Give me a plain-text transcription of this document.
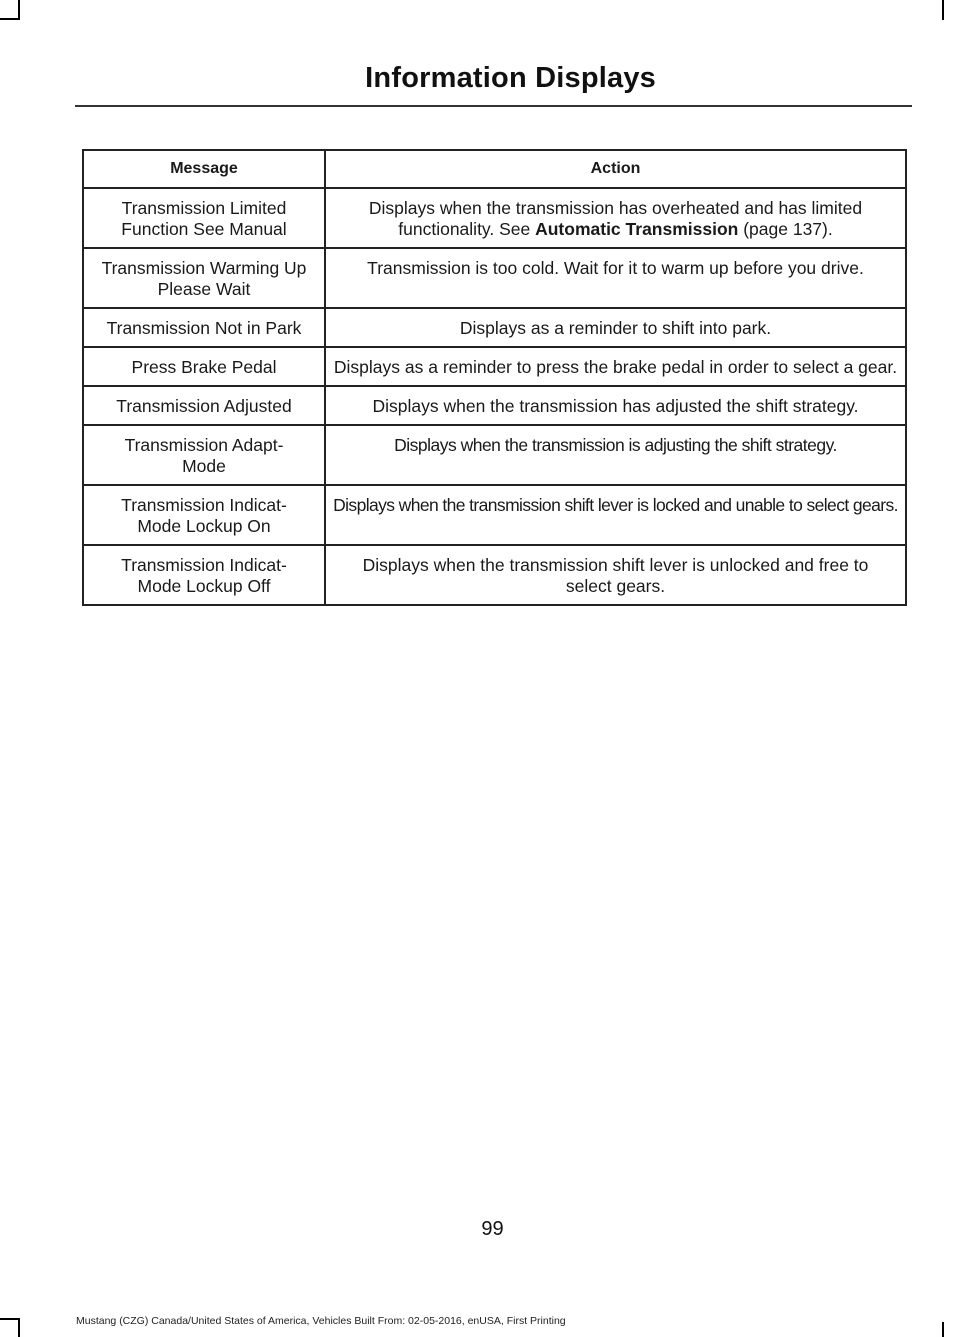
Information Displays
Message	Action
Transmission Limited Function See Manual	Displays when the transmission has overheated and has limited functionality. See Automatic Transmission (page 137).
Transmission Warming Up Please Wait	Transmission is too cold. Wait for it to warm up before you drive.
Transmission Not in Park	Displays as a reminder to shift into park.
Press Brake Pedal	Displays as a reminder to press the brake pedal in order to select a gear.
Transmission Adjusted	Displays when the transmission has adjusted the shift strategy.
Transmission Adapt-Mode	Displays when the transmission is adjusting the shift strategy.
Transmission Indicat-Mode Lockup On	Displays when the transmission shift lever is locked and unable to select gears.
Transmission Indicat-Mode Lockup Off	Displays when the transmission shift lever is unlocked and free to select gears.
99
Mustang (CZG) Canada/United States of America, Vehicles Built From: 02-05-2016, enUSA, First Printing
